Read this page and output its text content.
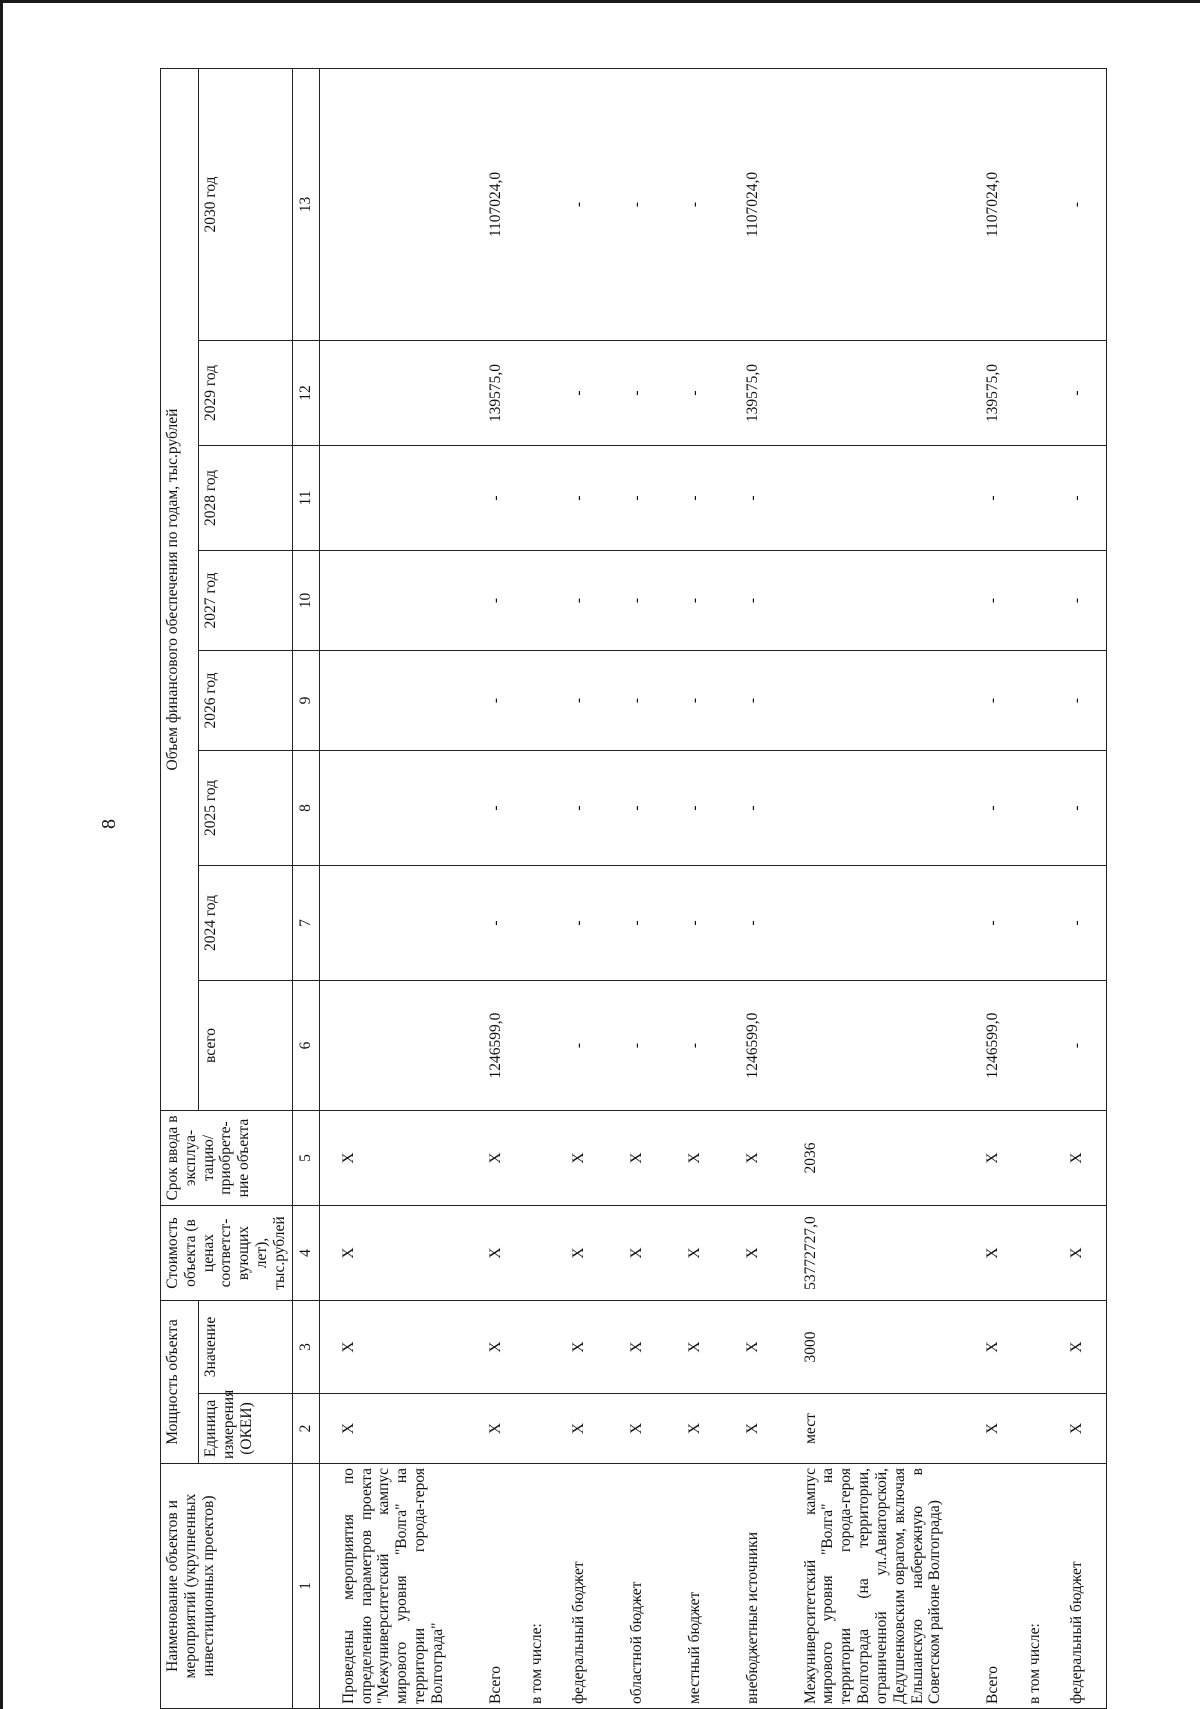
8
Наименование объектов и мероприятий (укрупненных инвестиционных проектов)	Мощность объекта		Стоимость объекта (в ценах соответст-вующих лет), тыс.рублей	Срок ввода в эксплуа-тацию/ приобрете-ние объекта	Объем финансового обеспечения по годам, тыс.рублей							
	Единица измерения (ОКЕИ)	Значение			всего	2024 год	2025 год	2026 год	2027 год	2028 год	2029 год	2030 год
1	2	3	4	5	6	7	8	9	10	11	12	13
Проведены мероприятия по определению параметров проекта "Межуниверситетский кампус мирового уровня "Волга" на территории города-героя Волгограда"	X	X	X	X								
Всего	X	X	X	X	1246599,0	-	-	-	-	-	139575,0	1107024,0
в том числе:												
федеральный бюджет	X	X	X	X	-	-	-	-	-	-	-	-
областной бюджет	X	X	X	X	-	-	-	-	-	-	-	-
местный бюджет	X	X	X	X	-	-	-	-	-	-	-	-
внебюджетные источники	X	X	X	X	1246599,0	-	-	-	-	-	139575,0	1107024,0
Межуниверситетский кампус мирового уровня "Волга" на территории города-героя Волгограда (на территории, ограниченной ул.Авиаторской, Дедушенковским оврагом, включая Ельшанскую набережную в Советском районе Волгограда)	мест	3000	53772727,0	2036								
Всего	X	X	X	X	1246599,0	-	-	-	-	-	139575,0	1107024,0
в том числе:												
федеральный бюджет	X	X	X	X	-	-	-	-	-	-	-	-
